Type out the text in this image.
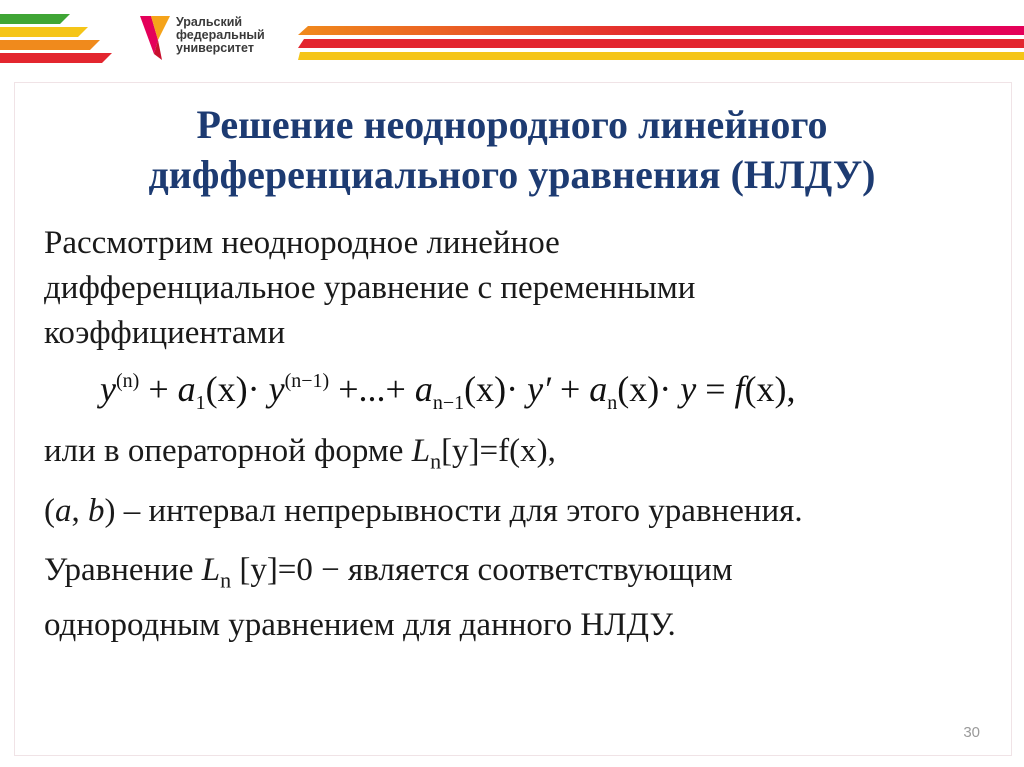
Уральский
федеральный
университет
Решение неоднородного линейного
дифференциального уравнения (НЛДУ)
Рассмотрим неоднородное линейное
дифференциальное уравнение с переменными
коэффициентами
$y^{(n)} + a_1(x)\cdot y^{(n-1)}$ +...+ $a_{n-1}(x)\cdot y' + a_n(x)\cdot y = f(x)$,
или в операторной форме $L_n[y]=f(x)$,
(a, b) – интервал непрерывности для этого уравнения.
Уравнение $L_n$ [y]=0 − является соответствующим
однородным уравнением для данного НЛДУ.
30
